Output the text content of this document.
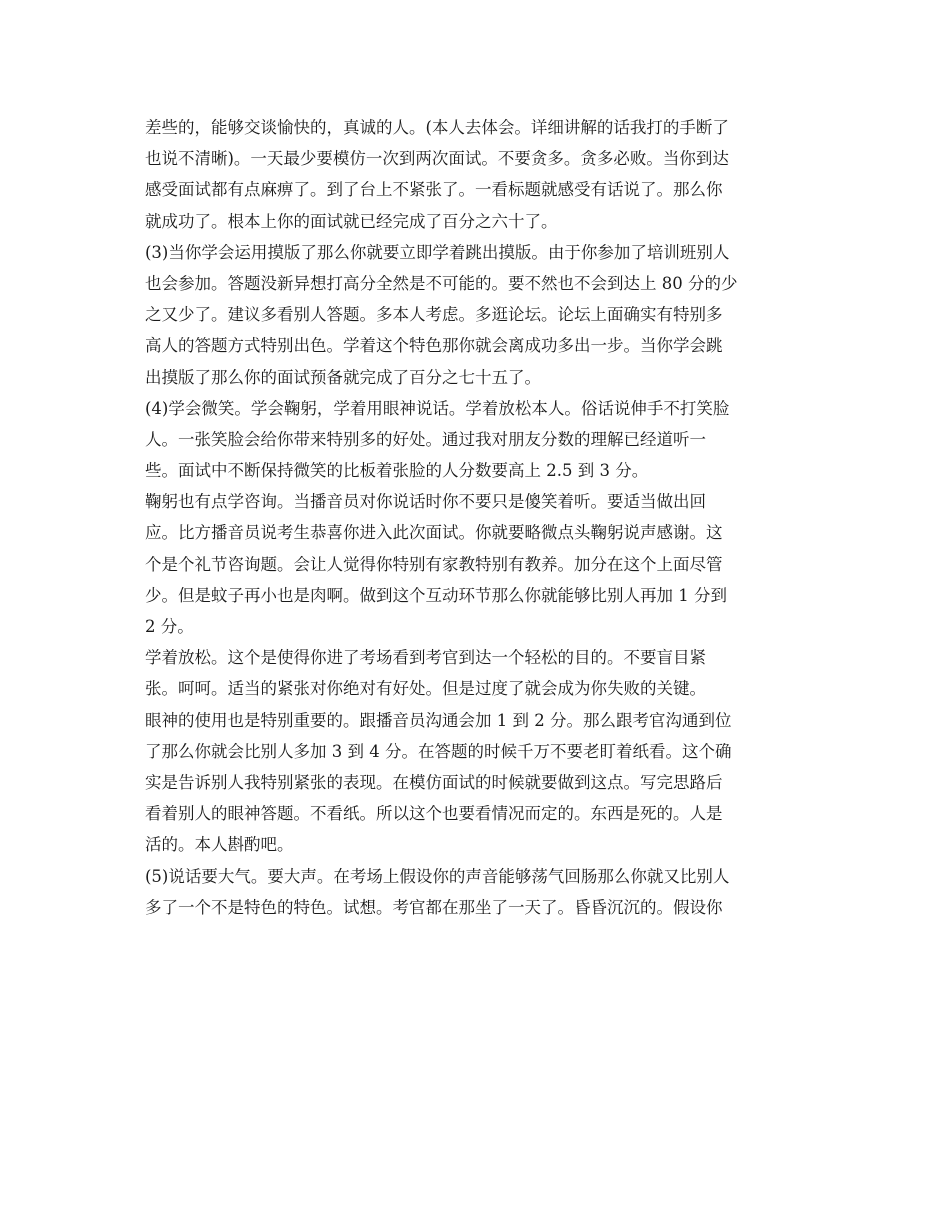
差些的，能够交谈愉快的，真诚的人。(本人去体会。详细讲解的话我打的手断了
也说不清晰)。一天最少要模仿一次到两次面试。不要贪多。贪多必败。当你到达
感受面试都有点麻痹了。到了台上不紧张了。一看标题就感受有话说了。那么你
就成功了。根本上你的面试就已经完成了百分之六十了。
(3)当你学会运用摸版了那么你就要立即学着跳出摸版。由于你参加了培训班别人
也会参加。答题没新异想打高分全然是不可能的。要不然也不会到达上 80 分的少
之又少了。建议多看别人答题。多本人考虑。多逛论坛。论坛上面确实有特别多
高人的答题方式特别出色。学着这个特色那你就会离成功多出一步。当你学会跳
出摸版了那么你的面试预备就完成了百分之七十五了。
(4)学会微笑。学会鞠躬，学着用眼神说话。学着放松本人。俗话说伸手不打笑脸
人。一张笑脸会给你带来特别多的好处。通过我对朋友分数的理解已经道听一
些。面试中不断保持微笑的比板着张脸的人分数要高上 2.5 到 3 分。
鞠躬也有点学咨询。当播音员对你说话时你不要只是傻笑着听。要适当做出回
应。比方播音员说考生恭喜你进入此次面试。你就要略微点头鞠躬说声感谢。这
个是个礼节咨询题。会让人觉得你特别有家教特别有教养。加分在这个上面尽管
少。但是蚊子再小也是肉啊。做到这个互动环节那么你就能够比别人再加 1 分到
2 分。
学着放松。这个是使得你进了考场看到考官到达一个轻松的目的。不要盲目紧
张。呵呵。适当的紧张对你绝对有好处。但是过度了就会成为你失败的关键。
眼神的使用也是特别重要的。跟播音员沟通会加 1 到 2 分。那么跟考官沟通到位
了那么你就会比别人多加 3 到 4 分。在答题的时候千万不要老盯着纸看。这个确
实是告诉别人我特别紧张的表现。在模仿面试的时候就要做到这点。写完思路后
看着别人的眼神答题。不看纸。所以这个也要看情况而定的。东西是死的。人是
活的。本人斟酌吧。
(5)说话要大气。要大声。在考场上假设你的声音能够荡气回肠那么你就又比别人
多了一个不是特色的特色。试想。考官都在那坐了一天了。昏昏沉沉的。假设你
